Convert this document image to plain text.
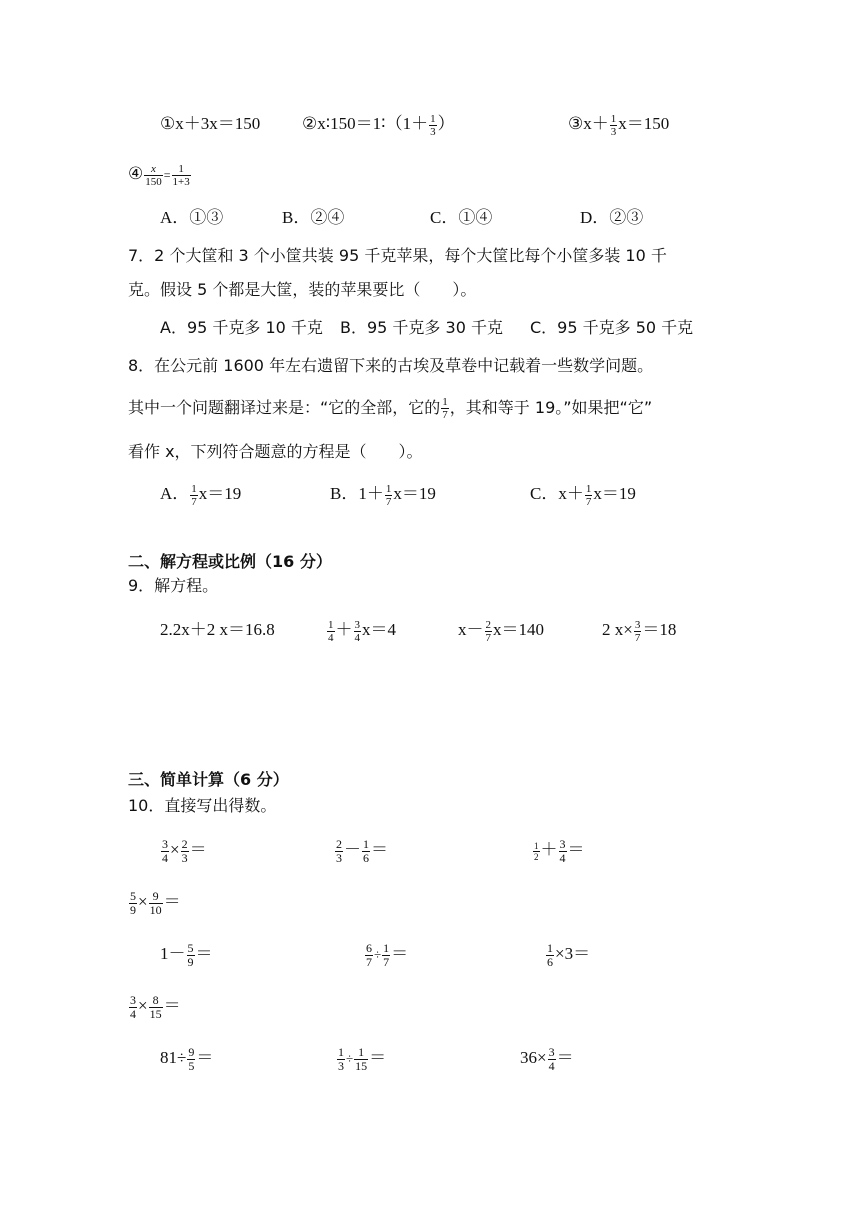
①x＋3x＝150 ②x∶150＝1∶（1＋ $\frac{1}{3}$ ）	③x＋ $\frac{1}{3} x=150$
④ $\frac{x}{150} = \frac{1}{1+3}$
A．①③	B．②④	C．①④	D．②③
7．2 个大筐和 3 个小筐共装 95 千克苹果，每个大筐比每个小筐多装 10 千
克。假设 5 个都是大筐，装的苹果要比（　　）。
A．95 千克多 10 千克 B．95 千克多 30 千克 C．95 千克多 50 千克
8．在公元前 1600 年左右遗留下来的古埃及草卷中记载着一些数学问题。
其中一个问题翻译过来是：“它的全部，它的 $\frac{1}{7}$ ，其和等于 19。”如果把“它”
看作 x，下列符合题意的方程是（　　）。
A． $\frac{1}{7} x=19$	B．$1+ \frac{1}{7} x=19$	C．$x+ \frac{1}{7} x=19$
二、解方程或比例（16 分）
9．解方程。
2.2x＋2 x＝16.8	$\frac{1}{4} + \frac{3}{4} x=4$	$x- \frac{2}{7} x=140$	2 $x\times \frac{3}{7} =18$
三、简单计算（6 分）
10．直接写出得数。
$\frac{3}{4} \times \frac{2}{3}$ ＝	$\frac{2}{3} - \frac{1}{6}$ ＝	$\frac{1}{2} + \frac{3}{4}$ ＝
$\frac{5}{9} \times \frac{9}{10}$ ＝
$1- \frac{5}{9}$ ＝	$\frac{6}{7} \div \frac{1}{7}$ ＝	$\frac{1}{6} \times 3=$
$\frac{3}{4} \times \frac{8}{15}$ ＝
$81\div \frac{9}{5}$ ＝	$\frac{1}{3} \div \frac{1}{15}$ ＝	$36\times \frac{3}{4}$ ＝
